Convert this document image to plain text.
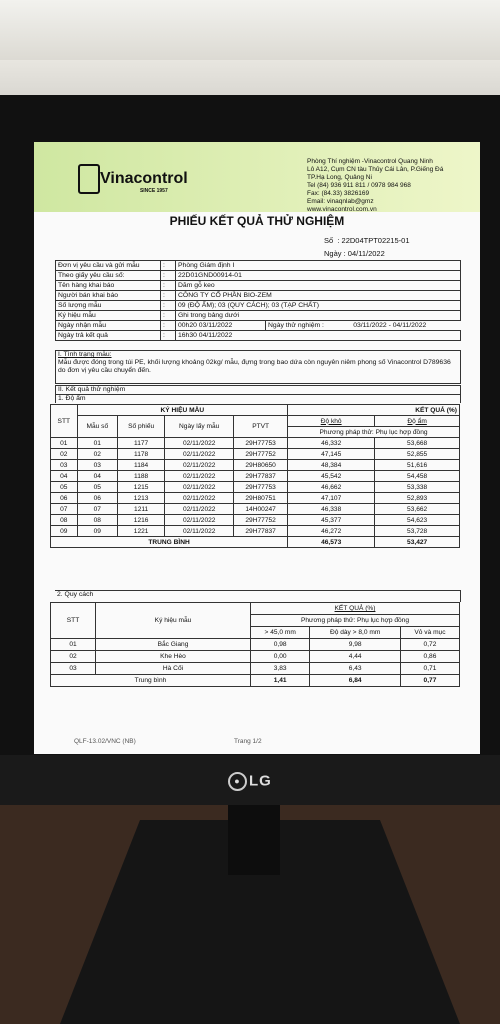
● LG
Vinacontrol
SINCE 1957
Phòng Thí nghiệm -Vinacontrol Quang Ninh
Lô A12, Cụm CN tàu Thủy Cái Lân, P.Giếng Đá
TP.Hạ Long, Quảng Ni
Tel (84) 936 911 811 / 0978 984 968
Fax: (84.33) 3826169
Email: vinaqnlab@gmz
www.vinacontrol.com.vn
PHIẾU KẾT QUẢ THỬ NGHIỆM
Số : 22D04TPT02215-01
Ngày : 04/11/2022
Đơn vị yêu cầu và gửi mẫu	:	Phòng Giám định I		
Theo giấy yêu cầu số:	:	22D01GND00914-01		
Tên hàng khai báo	:	Dăm gỗ keo		
Người bán khai báo	:	CÔNG TY CỔ PHẦN BIO-ZEM		
Số lượng mẫu	:	09 (ĐỘ ẨM); 03 (QUY CÁCH); 03 (TẠP CHẤT)		
Ký hiệu mẫu	:	Ghi trong bảng dưới		
Ngày nhận mẫu	:	00h20 03/11/2022	Ngày thử nghiệm :	03/11/2022 - 04/11/2022
Ngày trả kết quả	:	16h30 04/11/2022		
I. Tình trạng mẫu:
Mẫu được đóng trong túi PE, khối lượng khoảng 02kg/ mẫu, đựng trong bao dứa còn nguyên niêm phong số Vinacontrol D789636 do đơn vị yêu cầu chuyển đến.
II. Kết quả thử nghiệm
1. Độ ẩm
STT	KÝ HIỆU MẪU				KẾT QUẢ (%)	
	Mẫu số	Số phiếu	Ngày lấy mẫu	PTVT	Độ khô	Độ ẩm
					Phương pháp thử: Phụ lục hợp đồng	
01	01	1177	02/11/2022	29H77753	46,332	53,668
02	02	1178	02/11/2022	29H77752	47,145	52,855
03	03	1184	02/11/2022	29H80650	48,384	51,616
04	04	1188	02/11/2022	29H77837	45,542	54,458
05	05	1215	02/11/2022	29H77753	46,662	53,338
06	06	1213	02/11/2022	29H80751	47,107	52,893
07	07	1211	02/11/2022	14H00247	46,338	53,662
08	08	1216	02/11/2022	29H77752	45,377	54,623
09	09	1221	02/11/2022	29H77837	46,272	53,728
TRUNG BÌNH					46,573	53,427
2. Quy cách
STT	Ký hiệu mẫu	KẾT QUẢ (%)		
		Phương pháp thử: Phụ lục hợp đồng		
		> 45,0 mm	Độ dày > 8,0 mm	Vỏ và mục
01	Bắc Giang	0,98	9,98	0,72
02	Khe Hèo	0,00	4,44	0,86
03	Hà Cối	3,83	6,43	0,71
Trung bình		1,41	6,84	0,77
QLF-13.02/VNC (NB)	Trang 1/2
